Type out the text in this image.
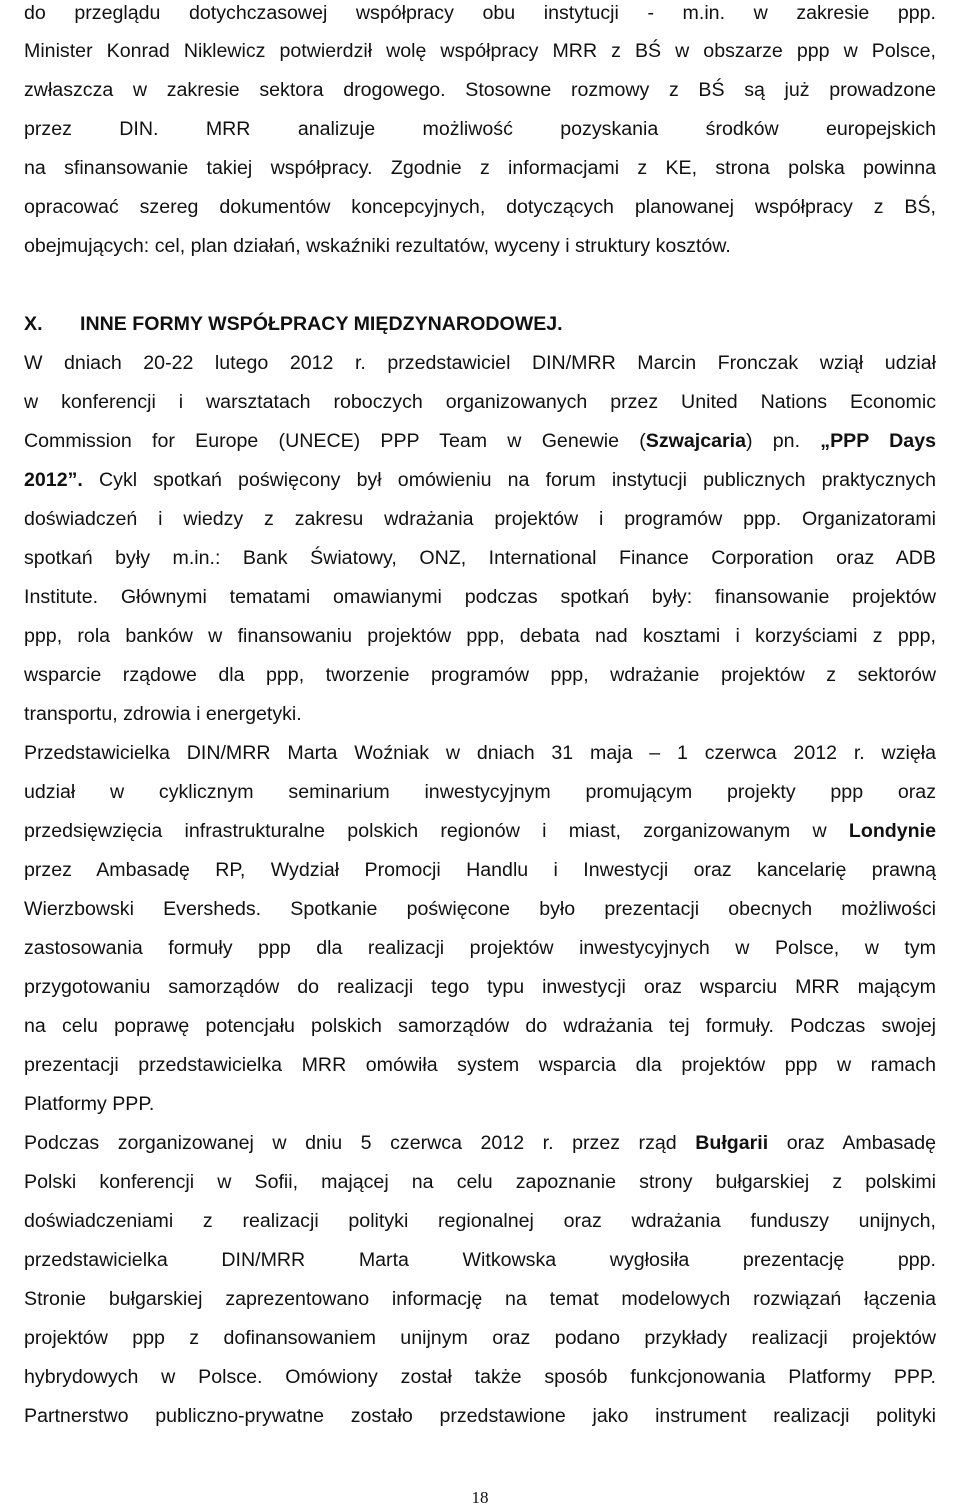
do przeglądu dotychczasowej współpracy obu instytucji - m.in. w zakresie ppp.
Minister Konrad Niklewicz potwierdził wolę współpracy MRR z BŚ w obszarze ppp w Polsce,
zwłaszcza w zakresie sektora drogowego. Stosowne rozmowy z BŚ są już prowadzone
przez DIN. MRR analizuje możliwość pozyskania środków europejskich
na sfinansowanie takiej współpracy. Zgodnie z informacjami z KE, strona polska powinna
opracować szereg dokumentów koncepcyjnych, dotyczących planowanej współpracy z BŚ,
obejmujących: cel, plan działań, wskaźniki rezultatów, wyceny i struktury kosztów.
X. INNE FORMY WSPÓŁPRACY MIĘDZYNARODOWEJ.
W dniach 20-22 lutego 2012 r. przedstawiciel DIN/MRR Marcin Fronczak wziął udział
w konferencji i warsztatach roboczych organizowanych przez United Nations Economic
Commission for Europe (UNECE) PPP Team w Genewie (Szwajcaria) pn. „PPP Days
2012”. Cykl spotkań poświęcony był omówieniu na forum instytucji publicznych praktycznych
doświadczeń i wiedzy z zakresu wdrażania projektów i programów ppp. Organizatorami
spotkań były m.in.: Bank Światowy, ONZ, International Finance Corporation oraz ADB
Institute. Głównymi tematami omawianymi podczas spotkań były: finansowanie projektów
ppp, rola banków w finansowaniu projektów ppp, debata nad kosztami i korzyściami z ppp,
wsparcie rządowe dla ppp, tworzenie programów ppp, wdrażanie projektów z sektorów
transportu, zdrowia i energetyki.
Przedstawicielka DIN/MRR Marta Woźniak w dniach 31 maja – 1 czerwca 2012 r. wzięła
udział w cyklicznym seminarium inwestycyjnym promującym projekty ppp oraz
przedsięwzięcia infrastrukturalne polskich regionów i miast, zorganizowanym w Londynie
przez Ambasadę RP, Wydział Promocji Handlu i Inwestycji oraz kancelarię prawną
Wierzbowski Eversheds. Spotkanie poświęcone było prezentacji obecnych możliwości
zastosowania formuły ppp dla realizacji projektów inwestycyjnych w Polsce, w tym
przygotowaniu samorządów do realizacji tego typu inwestycji oraz wsparciu MRR mającym
na celu poprawę potencjału polskich samorządów do wdrażania tej formuły. Podczas swojej
prezentacji przedstawicielka MRR omówiła system wsparcia dla projektów ppp w ramach
Platformy PPP.
Podczas zorganizowanej w dniu 5 czerwca 2012 r. przez rząd Bułgarii oraz Ambasadę
Polski konferencji w Sofii, mającej na celu zapoznanie strony bułgarskiej z polskimi
doświadczeniami z realizacji polityki regionalnej oraz wdrażania funduszy unijnych,
przedstawicielka DIN/MRR Marta Witkowska wygłosiła prezentację ppp.
Stronie bułgarskiej zaprezentowano informację na temat modelowych rozwiązań łączenia
projektów ppp z dofinansowaniem unijnym oraz podano przykłady realizacji projektów
hybrydowych w Polsce. Omówiony został także sposób funkcjonowania Platformy PPP.
Partnerstwo publiczno-prywatne zostało przedstawione jako instrument realizacji polityki
18
